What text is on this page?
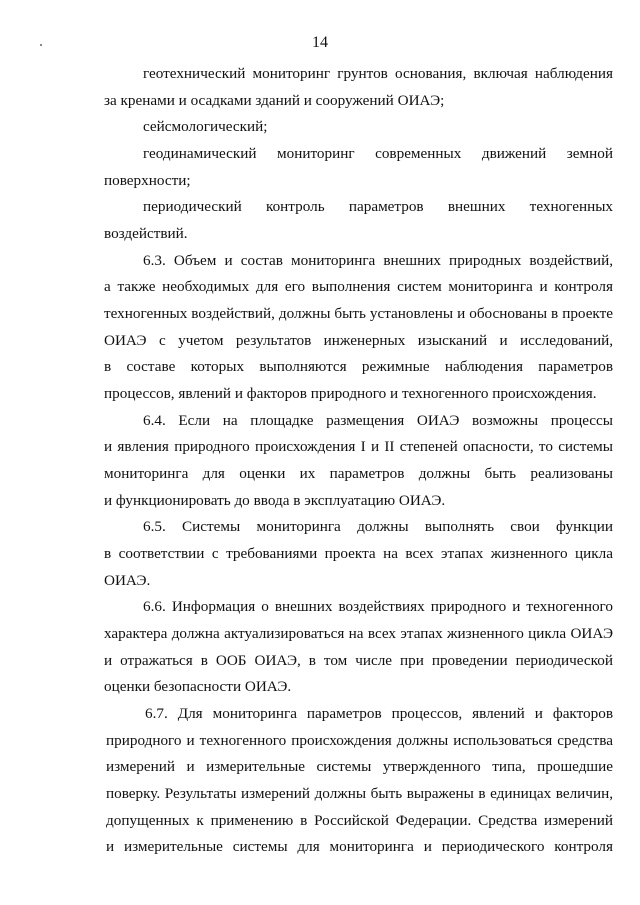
14
геотехнический мониторинг грунтов основания, включая наблюдения
за кренами и осадками зданий и сооружений ОИАЭ;
сейсмологический;
геодинамический мониторинг современных движений земной
поверхности;
периодический контроль параметров внешних техногенных
воздействий.
6.3. Объем и состав мониторинга внешних природных воздействий,
а также необходимых для его выполнения систем мониторинга и контроля
техногенных воздействий, должны быть установлены и обоснованы в проекте
ОИАЭ с учетом результатов инженерных изысканий и исследований,
в составе которых выполняются режимные наблюдения параметров
процессов, явлений и факторов природного и техногенного происхождения.
6.4. Если на площадке размещения ОИАЭ возможны процессы
и явления природного происхождения I и II степеней опасности, то системы
мониторинга для оценки их параметров должны быть реализованы
и функционировать до ввода в эксплуатацию ОИАЭ.
6.5. Системы мониторинга должны выполнять свои функции
в соответствии с требованиями проекта на всех этапах жизненного цикла
ОИАЭ.
6.6. Информация о внешних воздействиях природного и техногенного
характера должна актуализироваться на всех этапах жизненного цикла ОИАЭ
и отражаться в ООБ ОИАЭ, в том числе при проведении периодической
оценки безопасности ОИАЭ.
6.7. Для мониторинга параметров процессов, явлений и факторов
природного и техногенного происхождения должны использоваться средства
измерений и измерительные системы утвержденного типа, прошедшие
поверку. Результаты измерений должны быть выражены в единицах величин,
допущенных к применению в Российской Федерации. Средства измерений
и измерительные системы для мониторинга и периодического контроля
